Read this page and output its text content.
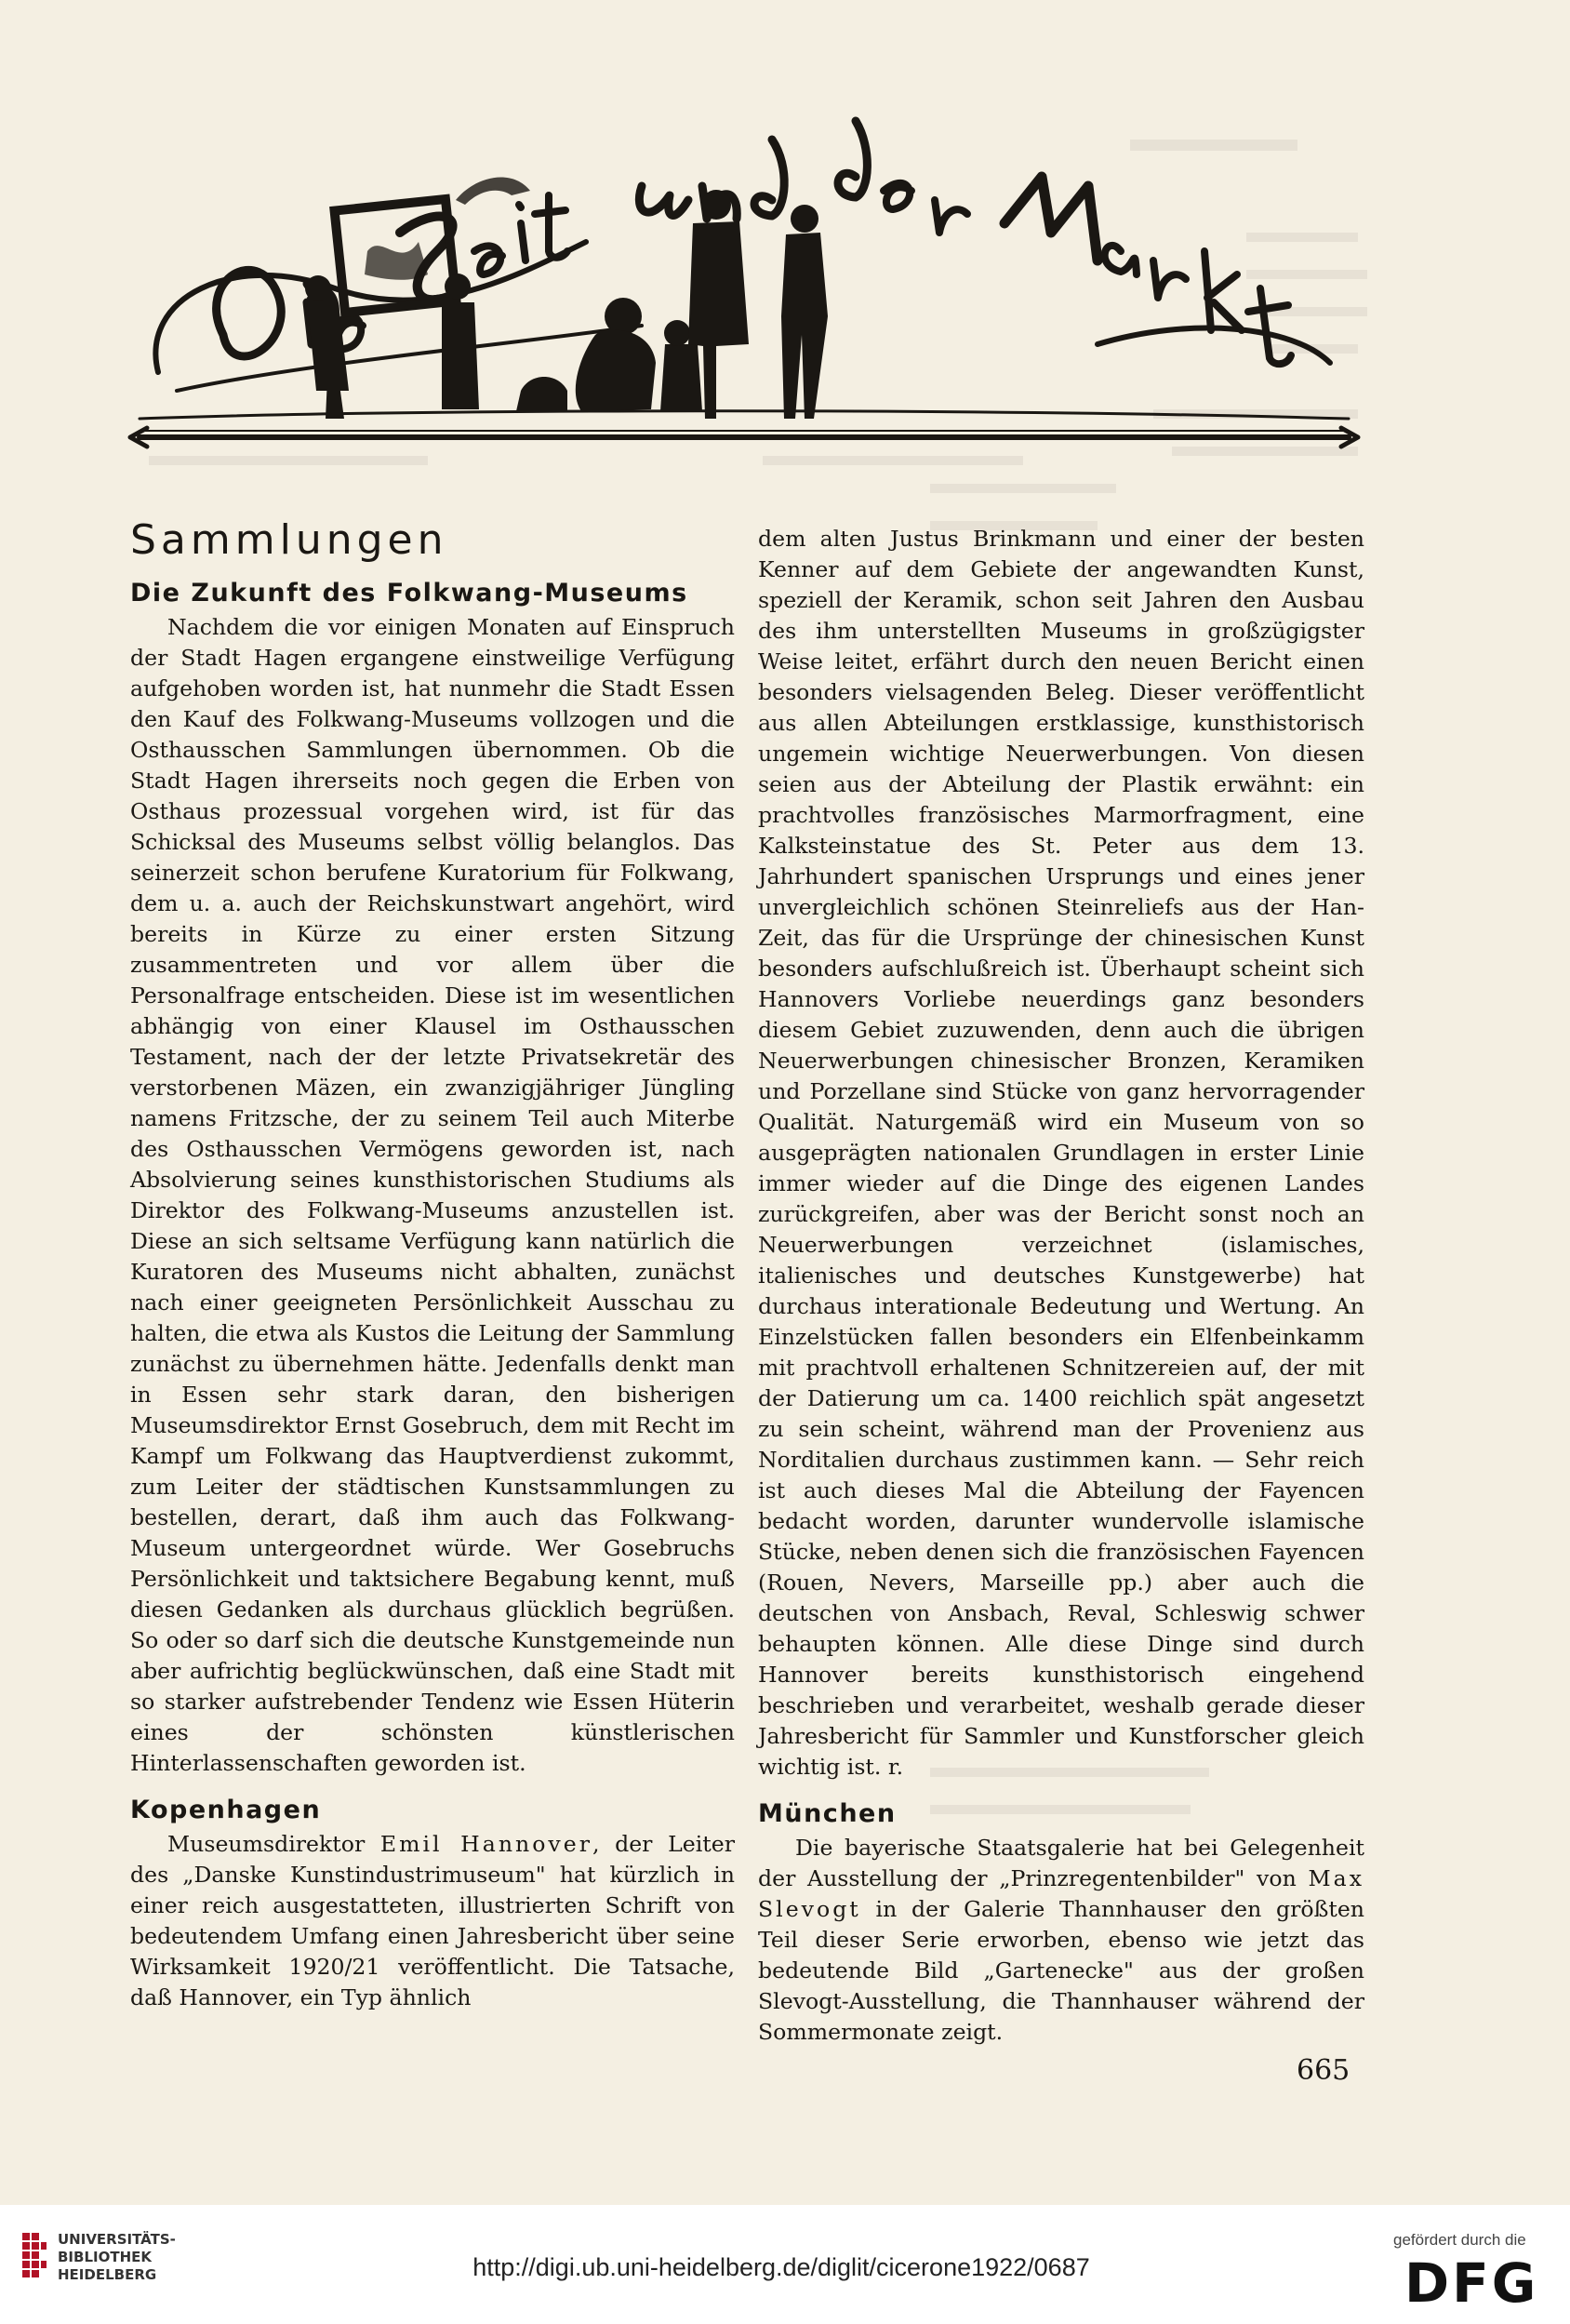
Sammlungen
Die Zukunft des Folkwang-Museums

Nachdem die vor einigen Monaten auf Einspruch der Stadt Hagen ergangene einstweilige Verfügung aufgehoben worden ist, hat nunmehr die Stadt Essen den Kauf des Folkwang-Museums vollzogen und die Osthausschen Sammlungen übernommen. Ob die Stadt Hagen ihrerseits noch gegen die Erben von Osthaus prozessual vorgehen wird, ist für das Schicksal des Museums selbst völlig belanglos. Das seinerzeit schon berufene Kuratorium für Folkwang, dem u. a. auch der Reichskunstwart angehört, wird bereits in Kürze zu einer ersten Sitzung zusammentreten und vor allem über die Personalfrage entscheiden. Diese ist im wesentlichen abhängig von einer Klausel im Osthausschen Testament, nach der der letzte Privatsekretär des verstorbenen Mäzen, ein zwanzigjähriger Jüngling namens Fritzsche, der zu seinem Teil auch Miterbe des Osthausschen Vermögens geworden ist, nach Absolvierung seines kunsthistorischen Studiums als Direktor des Folkwang-Museums anzustellen ist. Diese an sich seltsame Verfügung kann natürlich die Kuratoren des Museums nicht abhalten, zunächst nach einer geeigneten Persönlichkeit Ausschau zu halten, die etwa als Kustos die Leitung der Sammlung zunächst zu übernehmen hätte. Jedenfalls denkt man in Essen sehr stark daran, den bisherigen Museumsdirektor Ernst Gosebruch, dem mit Recht im Kampf um Folkwang das Hauptverdienst zukommt, zum Leiter der städtischen Kunstsammlungen zu bestellen, derart, daß ihm auch das Folkwang-Museum untergeordnet würde. Wer Gosebruchs Persönlichkeit und taktsichere Begabung kennt, muß diesen Gedanken als durchaus glücklich begrüßen. So oder so darf sich die deutsche Kunstgemeinde nun aber aufrichtig beglückwünschen, daß eine Stadt mit so starker aufstrebender Tendenz wie Essen Hüterin eines der schönsten künstlerischen Hinterlassenschaften geworden ist.

Kopenhagen

Museumsdirektor Emil Hannover, der Leiter des „Danske Kunstindustrimuseum" hat kürzlich in einer reich ausgestatteten, illustrierten Schrift von bedeutendem Umfang einen Jahresbericht über seine Wirksamkeit 1920/21 veröffentlicht. Die Tatsache, daß Hannover, ein Typ ähnlich

dem alten Justus Brinkmann und einer der besten Kenner auf dem Gebiete der angewandten Kunst, speziell der Keramik, schon seit Jahren den Ausbau des ihm unterstellten Museums in großzügigster Weise leitet, erfährt durch den neuen Bericht einen besonders vielsagenden Beleg. Dieser veröffentlicht aus allen Abteilungen erstklassige, kunsthistorisch ungemein wichtige Neuerwerbungen. Von diesen seien aus der Abteilung der Plastik erwähnt: ein prachtvolles französisches Marmorfragment, eine Kalksteinstatue des St. Peter aus dem 13. Jahrhundert spanischen Ursprungs und eines jener unvergleichlich schönen Steinreliefs aus der Han-Zeit, das für die Ursprünge der chinesischen Kunst besonders aufschlußreich ist. Überhaupt scheint sich Hannovers Vorliebe neuerdings ganz besonders diesem Gebiet zuzuwenden, denn auch die übrigen Neuerwerbungen chinesischer Bronzen, Keramiken und Porzellane sind Stücke von ganz hervorragender Qualität. Naturgemäß wird ein Museum von so ausgeprägten nationalen Grundlagen in erster Linie immer wieder auf die Dinge des eigenen Landes zurückgreifen, aber was der Bericht sonst noch an Neuerwerbungen verzeichnet (islamisches, italienisches und deutsches Kunstgewerbe) hat durchaus interationale Bedeutung und Wertung. An Einzelstücken fallen besonders ein Elfenbeinkamm mit prachtvoll erhaltenen Schnitzereien auf, der mit der Datierung um ca. 1400 reichlich spät angesetzt zu sein scheint, während man der Provenienz aus Norditalien durchaus zustimmen kann. — Sehr reich ist auch dieses Mal die Abteilung der Fayencen bedacht worden, darunter wundervolle islamische Stücke, neben denen sich die französischen Fayencen (Rouen, Nevers, Marseille pp.) aber auch die deutschen von Ansbach, Reval, Schleswig schwer behaupten können. Alle diese Dinge sind durch Hannover bereits kunsthistorisch eingehend beschrieben und verarbeitet, weshalb gerade dieser Jahresbericht für Sammler und Kunstforscher gleich wichtig ist. r.

München

Die bayerische Staatsgalerie hat bei Gelegenheit der Ausstellung der „Prinzregentenbilder" von Max Slevogt in der Galerie Thannhauser den größten Teil dieser Serie erworben, ebenso wie jetzt das bedeutende Bild „Gartenecke" aus der großen Slevogt-Ausstellung, die Thannhauser während der Sommermonate zeigt.

665
UNIVERSITÄTS-
BIBLIOTHEK
HEIDELBERG	http://digi.ub.uni-heidelberg.de/diglit/cicerone1922/0687
gefördert durch die
DFG
